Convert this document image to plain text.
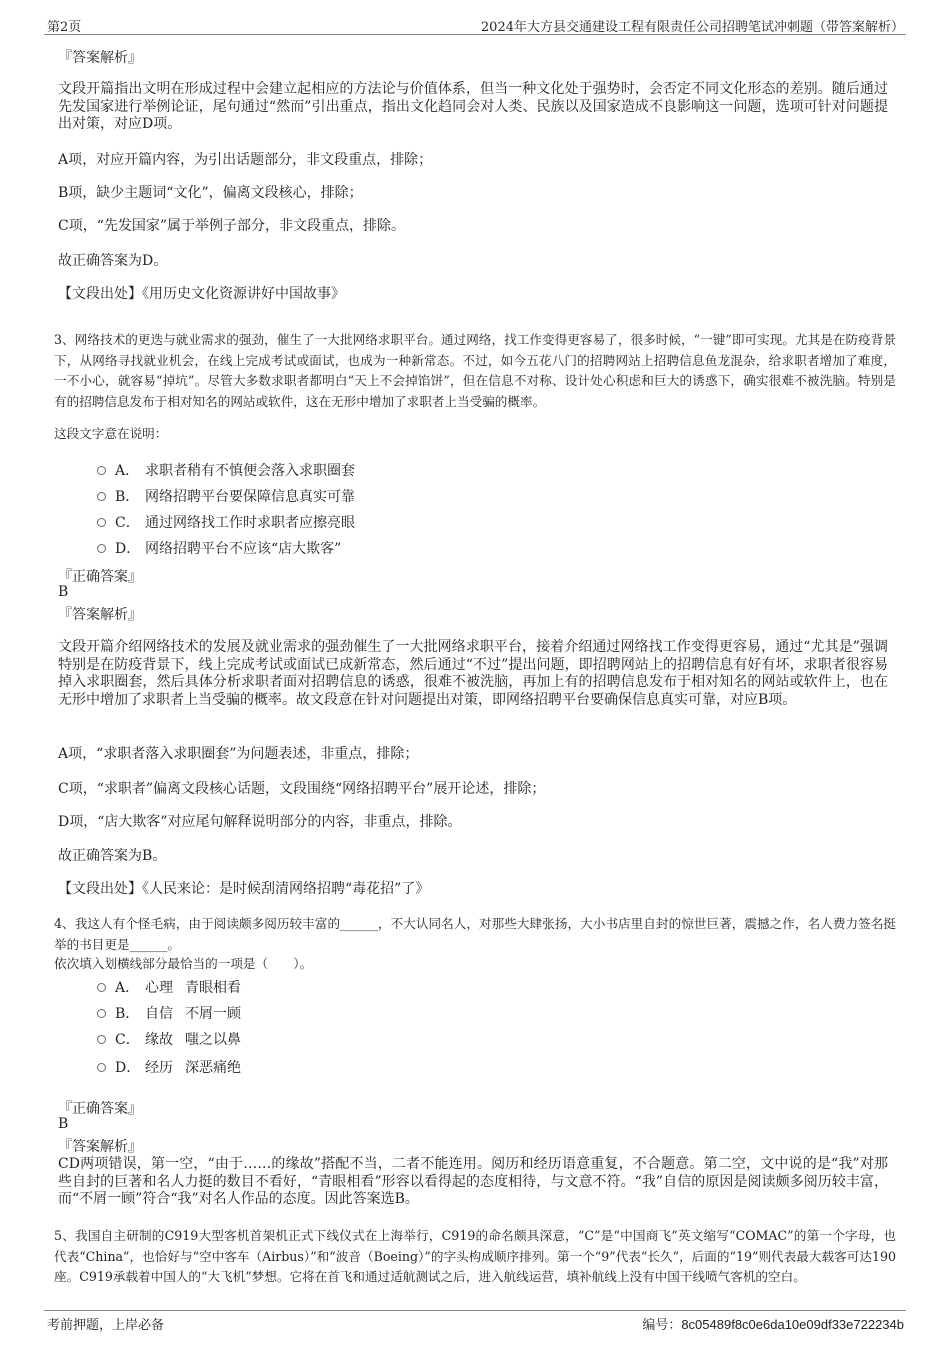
第2页	2024年大方县交通建设工程有限责任公司招聘笔试冲刺题（带答案解析）

『答案解析』

文段开篇指出文明在形成过程中会建立起相应的方法论与价值体系，但当一种文化处于强势时，会否定不同文化形态的差别。随后通过先发国家进行举例论证，尾句通过“然而”引出重点，指出文化趋同会对人类、民族以及国家造成不良影响这一问题，选项可针对问题提出对策，对应D项。

A项，对应开篇内容，为引出话题部分，非文段重点，排除；

B项，缺少主题词“文化”，偏离文段核心，排除；

C项，“先发国家”属于举例子部分，非文段重点，排除。

故正确答案为D。

【文段出处】《用历史文化资源讲好中国故事》

3、网络技术的更迭与就业需求的强劲，催生了一大批网络求职平台。通过网络，找工作变得更容易了，很多时候，“一键”即可实现。尤其是在防疫背景下，从网络寻找就业机会，在线上完成考试或面试，也成为一种新常态。不过，如今五花八门的招聘网站上招聘信息鱼龙混杂，给求职者增加了难度，一不小心，就容易“掉坑”。尽管大多数求职者都明白“天上不会掉馅饼”，但在信息不对称、设计处心积虑和巨大的诱惑下，确实很难不被洗脑。特别是有的招聘信息发布于相对知名的网站或软件，这在无形中增加了求职者上当受骗的概率。

这段文字意在说明：

A． 求职者稍有不慎便会落入求职圈套
B． 网络招聘平台要保障信息真实可靠
C． 通过网络找工作时求职者应擦亮眼
D． 网络招聘平台不应该“店大欺客”

『正确答案』

B

『答案解析』

文段开篇介绍网络技术的发展及就业需求的强劲催生了一大批网络求职平台，接着介绍通过网络找工作变得更容易，通过“尤其是”强调特别是在防疫背景下，线上完成考试或面试已成新常态，然后通过“不过”提出问题，即招聘网站上的招聘信息有好有坏，求职者很容易掉入求职圈套，然后具体分析求职者面对招聘信息的诱惑，很难不被洗脑，再加上有的招聘信息发布于相对知名的网站或软件上，也在无形中增加了求职者上当受骗的概率。故文段意在针对问题提出对策，即网络招聘平台要确保信息真实可靠，对应B项。

A项，“求职者落入求职圈套”为问题表述，非重点，排除；

C项，“求职者”偏离文段核心话题，文段围绕“网络招聘平台”展开论述，排除；

D项，“店大欺客”对应尾句解释说明部分的内容，非重点，排除。

故正确答案为B。

【文段出处】《人民来论：是时候刮清网络招聘“毒花招”了》

4、我这人有个怪毛病，由于阅读颇多阅历较丰富的______，不大认同名人，对那些大肆张扬，大小书店里自封的惊世巨著，震撼之作，名人费力签名挺举的书目更是______。

依次填入划横线部分最恰当的一项是（　　）。

A． 心理 青眼相看
B． 自信 不屑一顾
C． 缘故 嗤之以鼻
D． 经历 深恶痛绝

『正确答案』

B

『答案解析』

CD两项错误，第一空，“由于……的缘故”搭配不当，二者不能连用。阅历和经历语意重复，不合题意。第二空，文中说的是“我”对那些自封的巨著和名人力挺的数目不看好，“青眼相看”形容以看得起的态度相待，与文意不符。“我”自信的原因是阅读颇多阅历较丰富，而“不屑一顾”符合“我”对名人作品的态度。因此答案选B。

5、我国自主研制的C919大型客机首架机正式下线仪式在上海举行，C919的命名颇具深意，“C”是“中国商飞”英文缩写“COMAC”的第一个字母，也代表“China”，也恰好与“空中客车（Airbus）”和“波音（Boeing）”的字头构成顺序排列。第一个“9”代表“长久”，后面的“19”则代表最大载客可达190座。C919承载着中国人的“大飞机”梦想。它将在首飞和通过适航测试之后，进入航线运营，填补航线上没有中国干线喷气客机的空白。

考前押题，上岸必备	编号：8c05489f8c0e6da10e09df33e722234b
